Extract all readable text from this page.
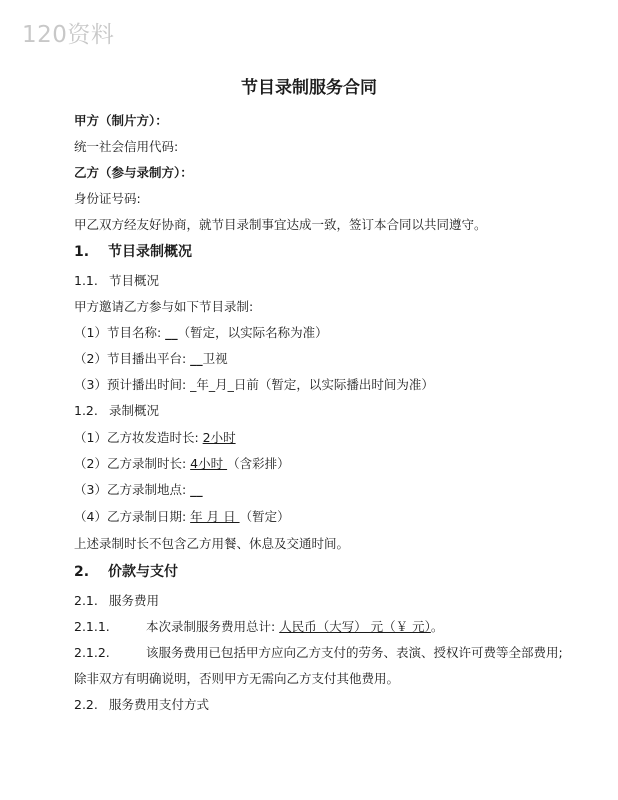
120资料
节目录制服务合同
甲方（制片方）：
统一社会信用代码:
乙方（参与录制方）：
身份证号码:
甲乙双方经友好协商，就节目录制事宜达成一致，签订本合同以共同遵守。
1. 节目录制概况
1.1. 节目概况
甲方邀请乙方参与如下节目录制:
（1）节目名称: __（暂定，以实际名称为准）
（2）节目播出平台: __卫视
（3）预计播出时间: _年_月_日前（暂定，以实际播出时间为准）
1.2. 录制概况
（1）乙方妆发造时长: 2小时
（2）乙方录制时长: 4小时 （含彩排）
（3）乙方录制地点: __
（4）乙方录制日期: 年 月 日 （暂定）
上述录制时长不包含乙方用餐、休息及交通时间。
2. 价款与支付
2.1. 服务费用
2.1.1.	本次录制服务费用总计: 人民币（大写） 元（￥ 元）。
2.1.2.	该服务费用已包括甲方应向乙方支付的劳务、表演、授权许可费等全部费用;
除非双方有明确说明，否则甲方无需向乙方支付其他费用。
2.2. 服务费用支付方式
